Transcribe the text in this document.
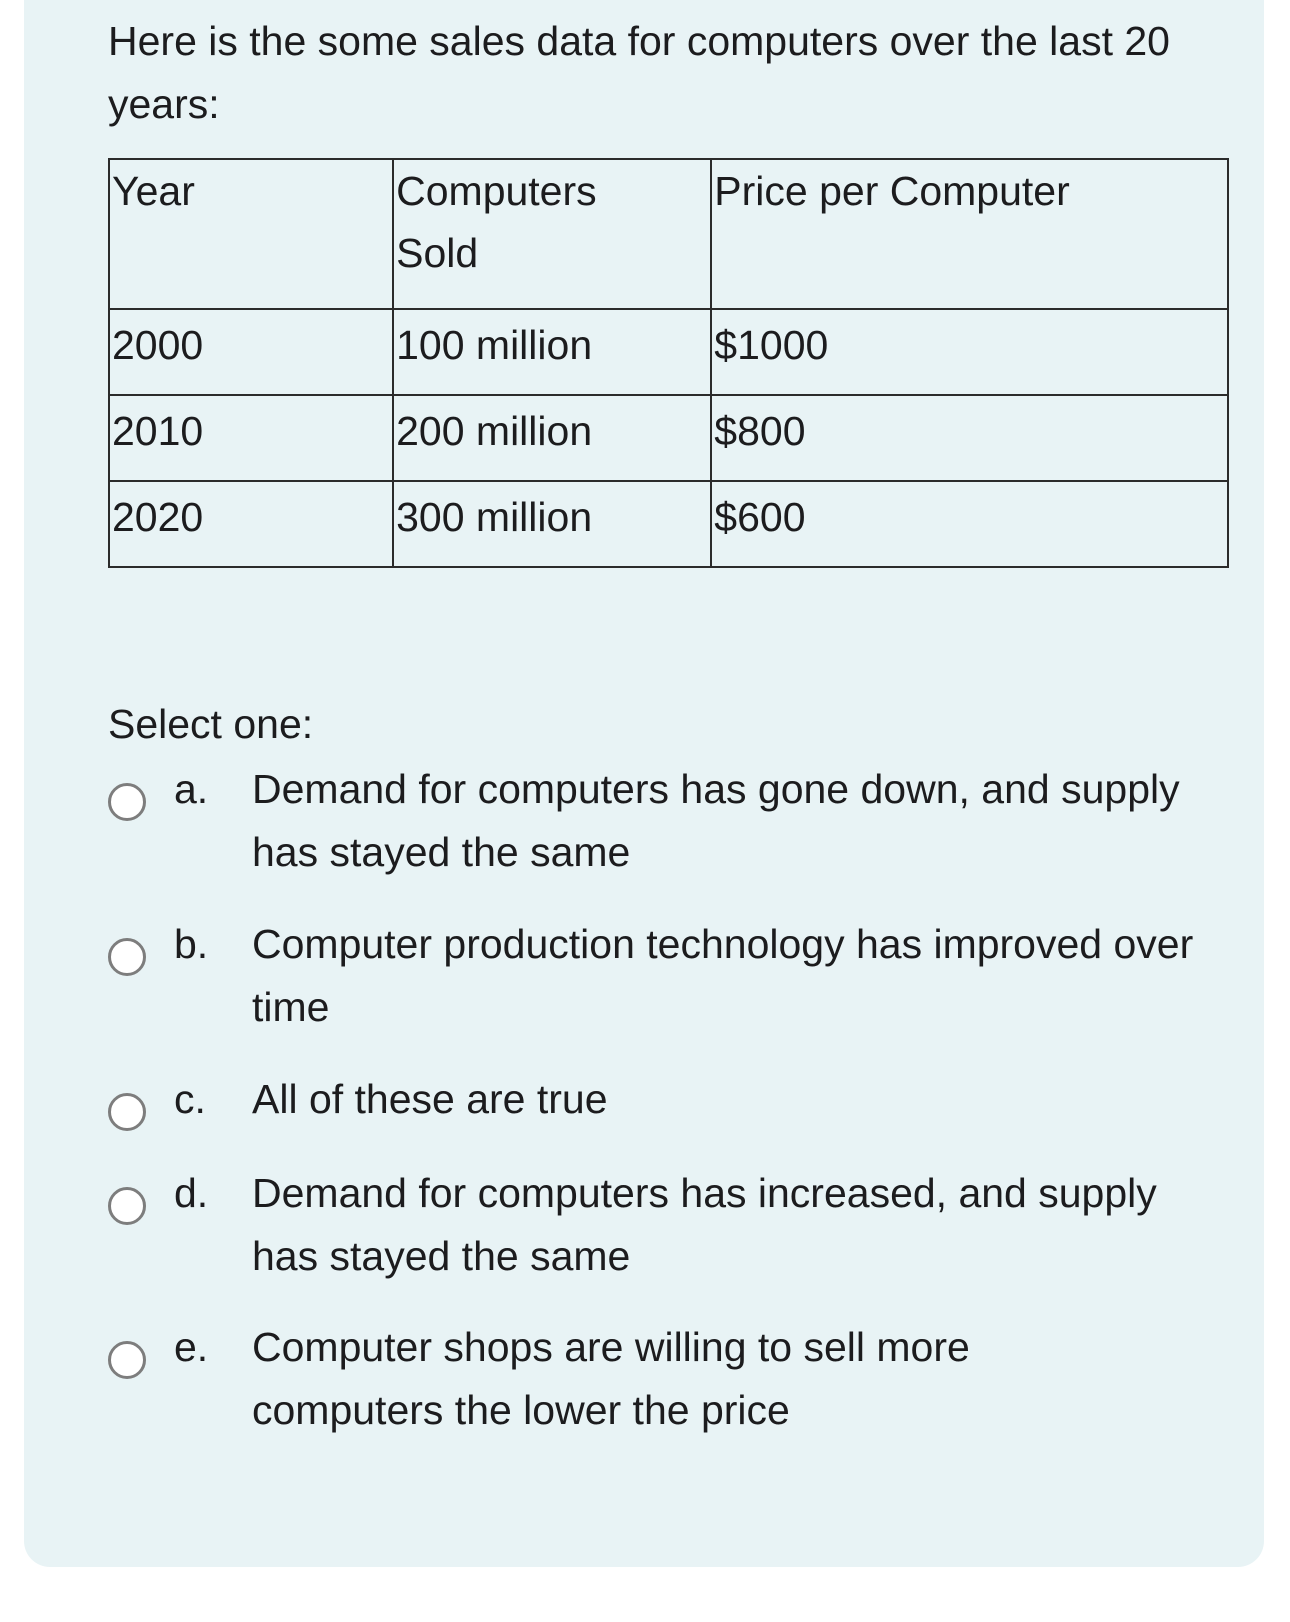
Here is the some sales data for computers over the last 20 years:

Year	Computers Sold	Price per Computer

2000	100 million	$1000

2010	200 million	$800

2020	300 million	$600
Select one:
a. Demand for computers has gone down, and supply has stayed the same
b. Computer production technology has improved over time
c. All of these are true
d. Demand for computers has increased, and supply has stayed the same
e. Computer shops are willing to sell more computers the lower the price
